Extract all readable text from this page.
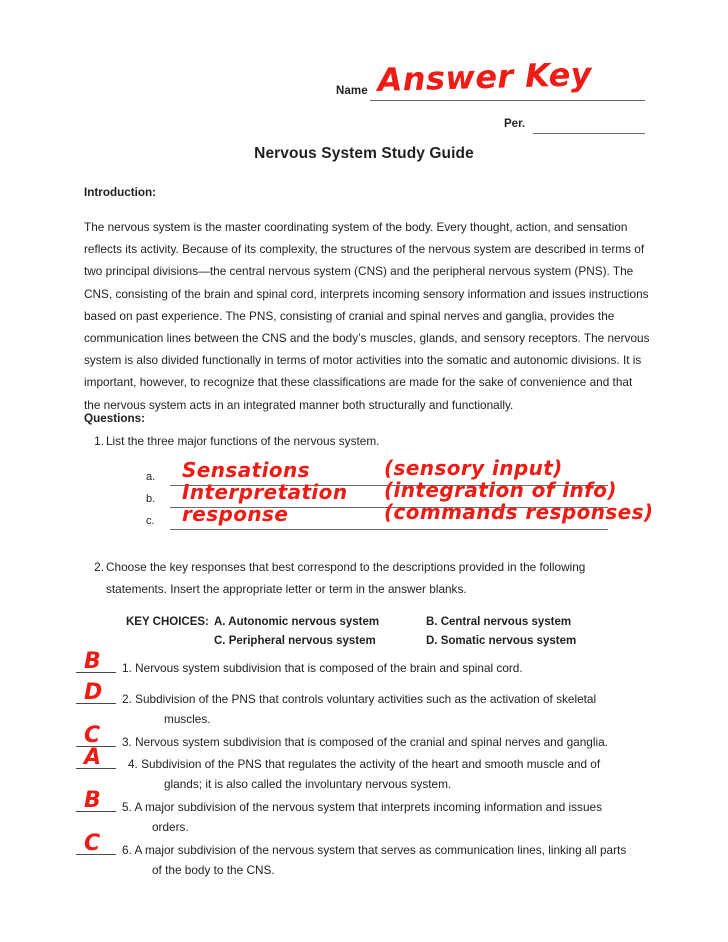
Name Answer Key
Per.
Nervous System Study Guide
Introduction:
The nervous system is the master coordinating system of the body. Every thought, action, and sensation reflects its activity. Because of its complexity, the structures of the nervous system are described in terms of two principal divisions—the central nervous system (CNS) and the peripheral nervous system (PNS). The CNS, consisting of the brain and spinal cord, interprets incoming sensory information and issues instructions based on past experience. The PNS, consisting of cranial and spinal nerves and ganglia, provides the communication lines between the CNS and the body’s muscles, glands, and sensory receptors. The nervous system is also divided functionally in terms of motor activities into the somatic and autonomic divisions. It is important, however, to recognize that these classifications are made for the sake of convenience and that the nervous system acts in an integrated manner both structurally and functionally.
Questions:
1. List the three major functions of the nervous system.
a. Sensations	(sensory input)
b. Interpretation (integration of info)
c. response	(commands responses)
2. Choose the key responses that best correspond to the descriptions provided in the following statements. Insert the appropriate letter or term in the answer blanks.
KEY CHOICES: A. Autonomic nervous system	B. Central nervous system
C. Peripheral nervous system	D. Somatic nervous system
B 1. Nervous system subdivision that is composed of the brain and spinal cord.
D 2. Subdivision of the PNS that controls voluntary activities such as the activation of skeletal
muscles.
C 3. Nervous system subdivision that is composed of the cranial and spinal nerves and ganglia.
A 4. Subdivision of the PNS that regulates the activity of the heart and smooth muscle and of
glands; it is also called the involuntary nervous system.
B 5. A major subdivision of the nervous system that interprets incoming information and issues
orders.
C 6. A major subdivision of the nervous system that serves as communication lines, linking all parts
of the body to the CNS.
